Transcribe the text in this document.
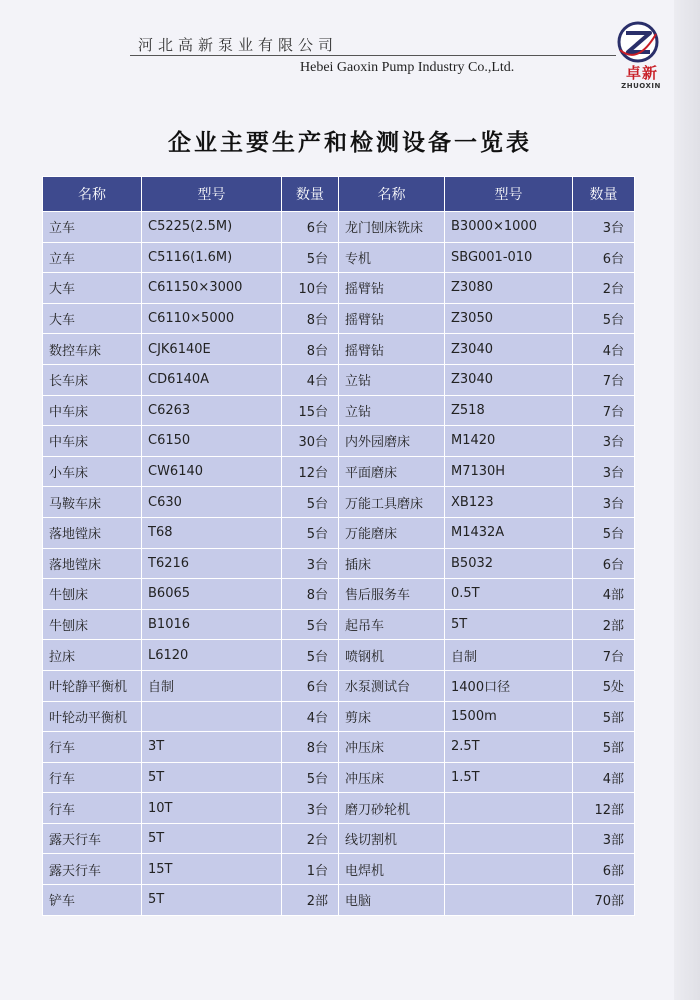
河北高新泵业有限公司
Hebei Gaoxin Pump Industry Co.,Ltd.	卓新
ZHUOXIN
企业主要生产和检测设备一览表
名称	型号	数量	名称	型号	数量
立车	C5225(2.5M)	6台	龙门刨床铣床	B3000×1000	3台
立车	C5116(1.6M)	5台	专机	SBG001-010	6台
大车	C61150×3000	10台	摇臂钻	Z3080	2台
大车	C6110×5000	8台	摇臂钻	Z3050	5台
数控车床	CJK6140E	8台	摇臂钻	Z3040	4台
长车床	CD6140A	4台	立钻	Z3040	7台
中车床	C6263	15台	立钻	Z518	7台
中车床	C6150	30台	内外园磨床	M1420	3台
小车床	CW6140	12台	平面磨床	M7130H	3台
马鞍车床	C630	5台	万能工具磨床	XB123	3台
落地镗床	T68	5台	万能磨床	M1432A	5台
落地镗床	T6216	3台	插床	B5032	6台
牛刨床	B6065	8台	售后服务车	0.5T	4部
牛刨床	B1016	5台	起吊车	5T	2部
拉床	L6120	5台	喷钢机	自制	7台
叶轮静平衡机	自制	6台	水泵测试台	1400口径	5处
叶轮动平衡机		4台	剪床	1500m	5部
行车	3T	8台	冲压床	2.5T	5部
行车	5T	5台	冲压床	1.5T	4部
行车	10T	3台	磨刀砂轮机		12部
露天行车	5T	2台	线切割机		3部
露天行车	15T	1台	电焊机		6部
铲车	5T	2部	电脑		70部
